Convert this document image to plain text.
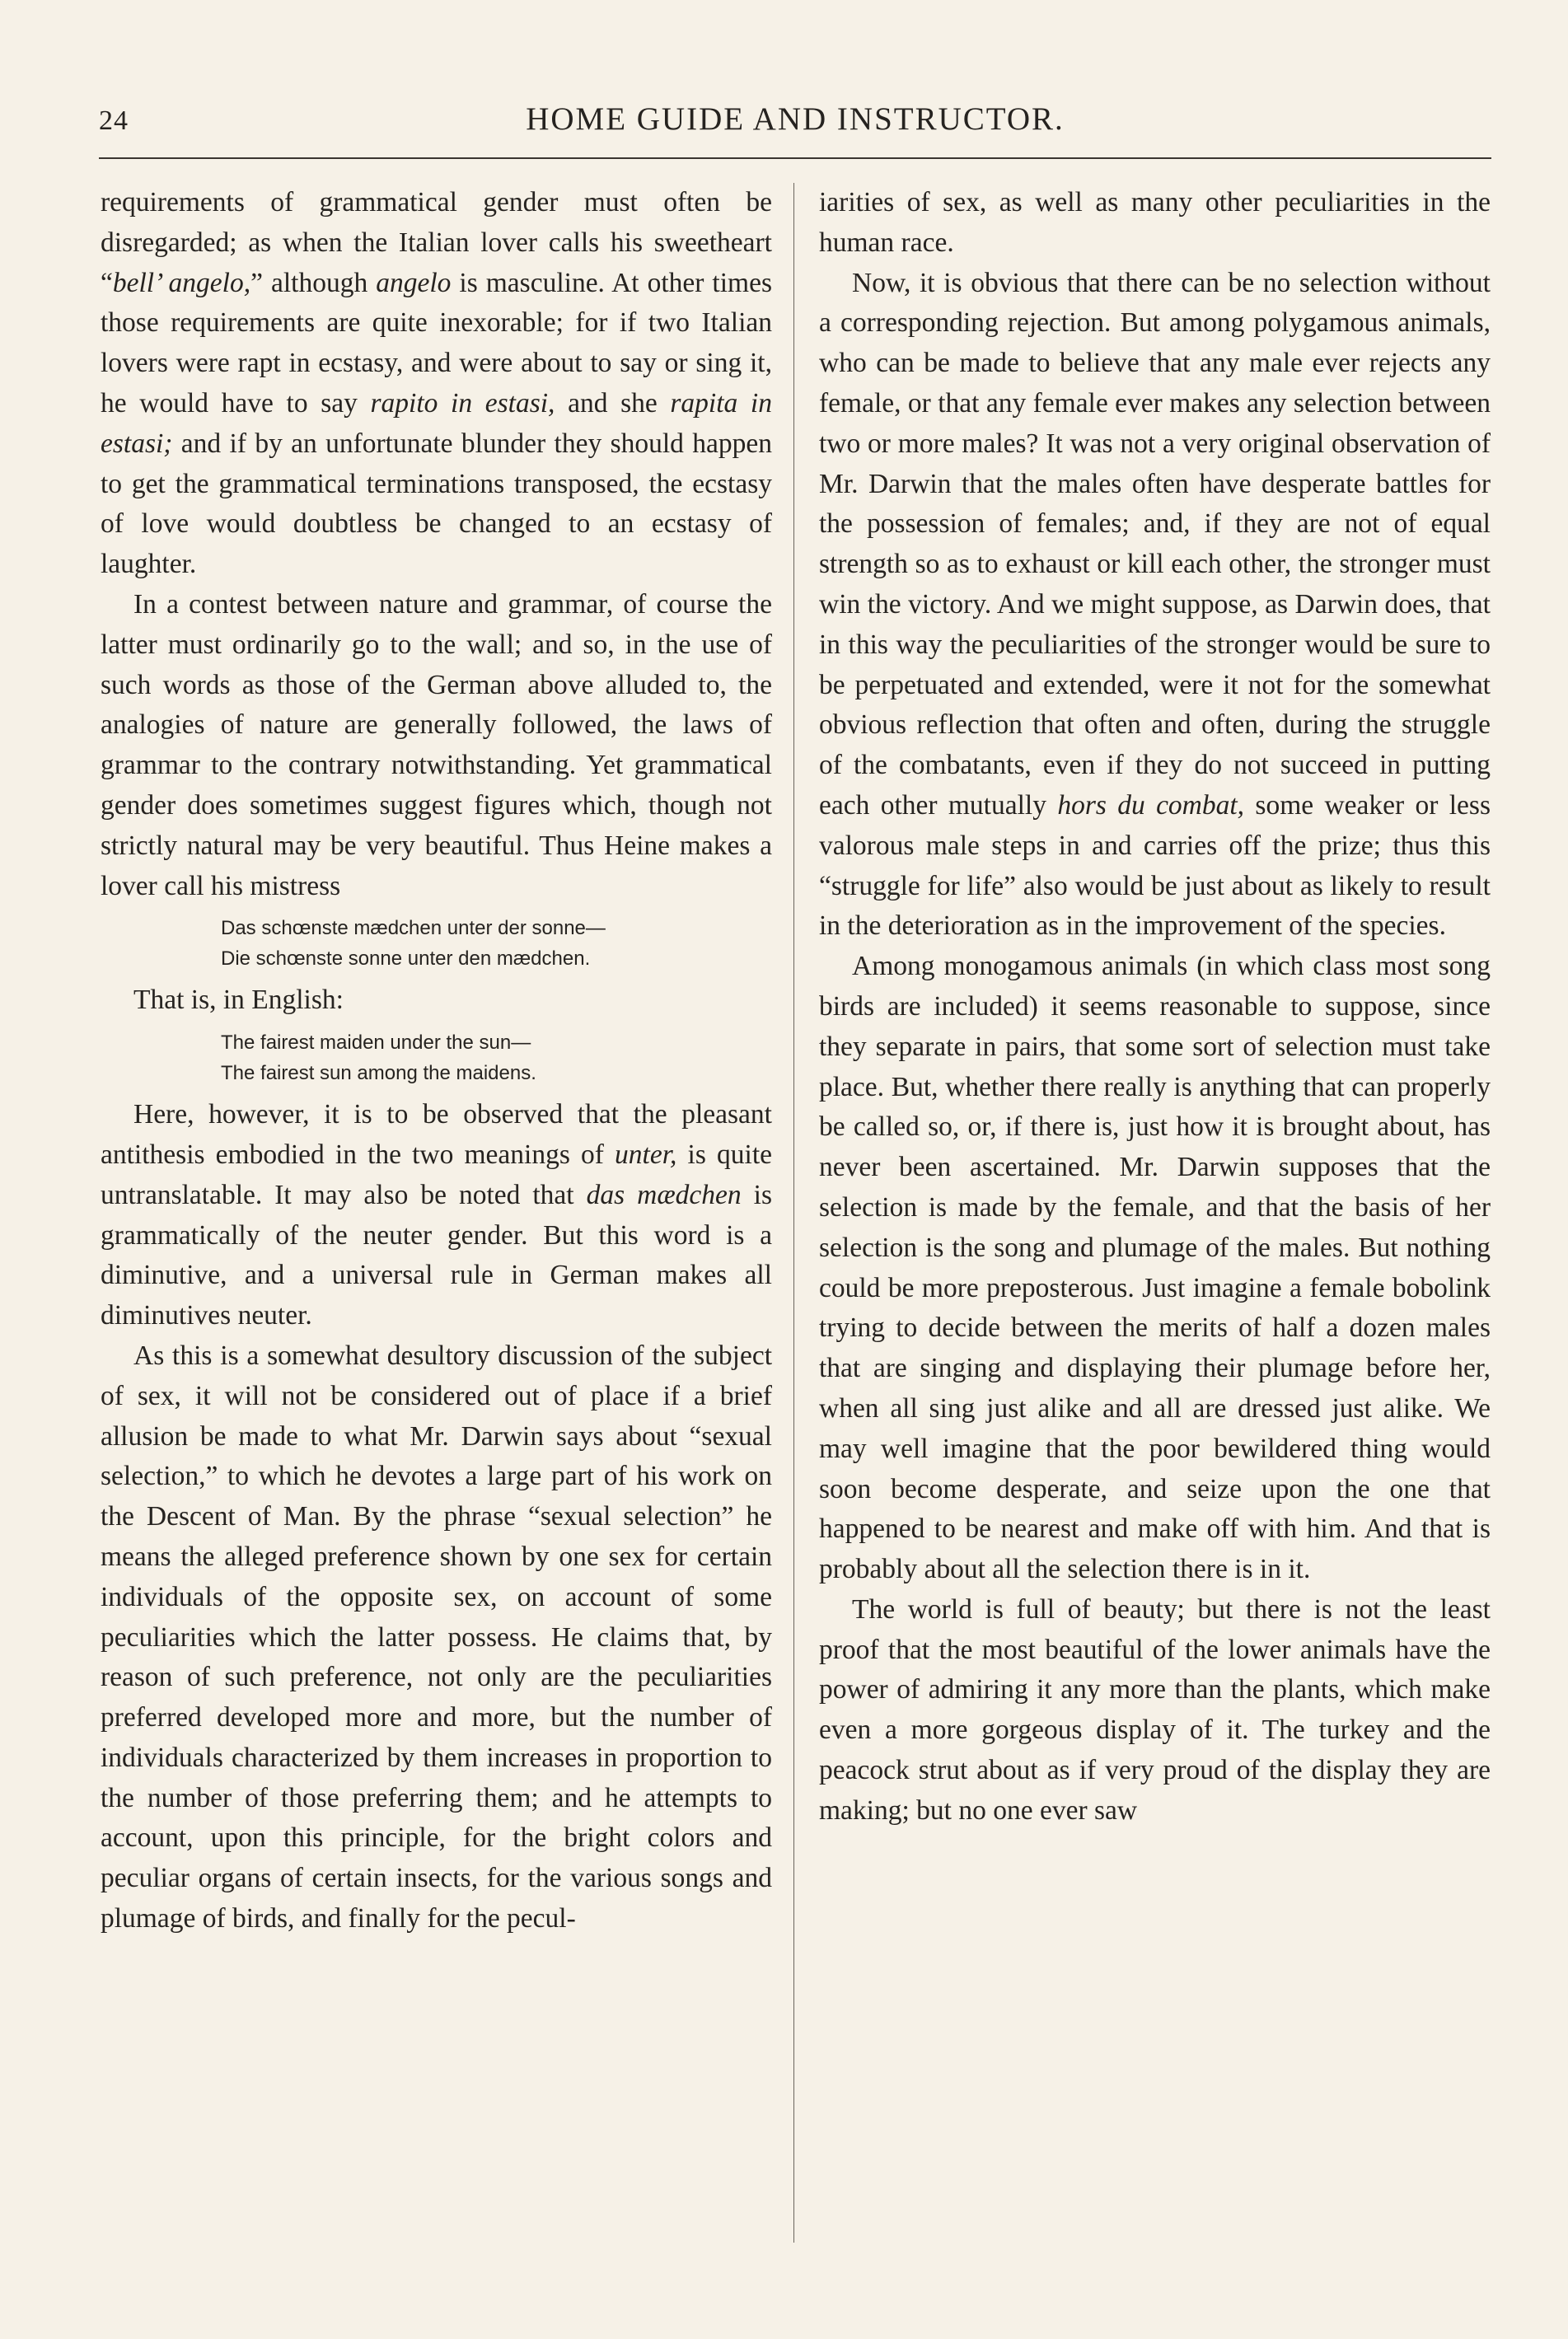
24	HOME GUIDE AND INSTRUCTOR.

requirements of grammatical gender must often be disregarded; as when the Italian lover calls his sweetheart “bell’ angelo,” although angelo is masculine. At other times those requirements are quite inexorable; for if two Italian lovers were rapt in ecstasy, and were about to say or sing it, he would have to say rapito in estasi, and she rapita in estasi; and if by an unfortunate blunder they should happen to get the grammatical terminations transposed, the ecstasy of love would doubtless be changed to an ecstasy of laughter.

In a contest between nature and grammar, of course the latter must ordinarily go to the wall; and so, in the use of such words as those of the German above alluded to, the analogies of nature are generally followed, the laws of grammar to the contrary notwithstanding. Yet grammatical gender does sometimes suggest figures which, though not strictly natural may be very beautiful. Thus Heine makes a lover call his mistress

Das schœnste mædchen unter der sonne—
Die schœnste sonne unter den mædchen.

That is, in English:

The fairest maiden under the sun—
The fairest sun among the maidens.

Here, however, it is to be observed that the pleasant antithesis embodied in the two meanings of unter, is quite untranslatable. It may also be noted that das mædchen is grammatically of the neuter gender. But this word is a diminutive, and a universal rule in German makes all diminutives neuter.

As this is a somewhat desultory discussion of the subject of sex, it will not be considered out of place if a brief allusion be made to what Mr. Darwin says about “sexual selection,” to which he devotes a large part of his work on the Descent of Man. By the phrase “sexual selection” he means the alleged preference shown by one sex for certain individuals of the opposite sex, on account of some peculiarities which the latter possess. He claims that, by reason of such preference, not only are the peculiarities preferred developed more and more, but the number of individuals characterized by them increases in proportion to the number of those preferring them; and he attempts to account, upon this principle, for the bright colors and peculiar organs of certain insects, for the various songs and plumage of birds, and finally for the pecul-

iarities of sex, as well as many other peculiarities in the human race.

Now, it is obvious that there can be no selection without a corresponding rejection. But among polygamous animals, who can be made to believe that any male ever rejects any female, or that any female ever makes any selection between two or more males? It was not a very original observation of Mr. Darwin that the males often have desperate battles for the possession of females; and, if they are not of equal strength so as to exhaust or kill each other, the stronger must win the victory. And we might suppose, as Darwin does, that in this way the peculiarities of the stronger would be sure to be perpetuated and extended, were it not for the somewhat obvious reflection that often and often, during the struggle of the combatants, even if they do not succeed in putting each other mutually hors du combat, some weaker or less valorous male steps in and carries off the prize; thus this “struggle for life” also would be just about as likely to result in the deterioration as in the improvement of the species.

Among monogamous animals (in which class most song birds are included) it seems reasonable to suppose, since they separate in pairs, that some sort of selection must take place. But, whether there really is anything that can properly be called so, or, if there is, just how it is brought about, has never been ascertained. Mr. Darwin supposes that the selection is made by the female, and that the basis of her selection is the song and plumage of the males. But nothing could be more preposterous. Just imagine a female bobolink trying to decide between the merits of half a dozen males that are singing and displaying their plumage before her, when all sing just alike and all are dressed just alike. We may well imagine that the poor bewildered thing would soon become desperate, and seize upon the one that happened to be nearest and make off with him. And that is probably about all the selection there is in it.

The world is full of beauty; but there is not the least proof that the most beautiful of the lower animals have the power of admiring it any more than the plants, which make even a more gorgeous display of it. The turkey and the peacock strut about as if very proud of the display they are making; but no one ever saw
